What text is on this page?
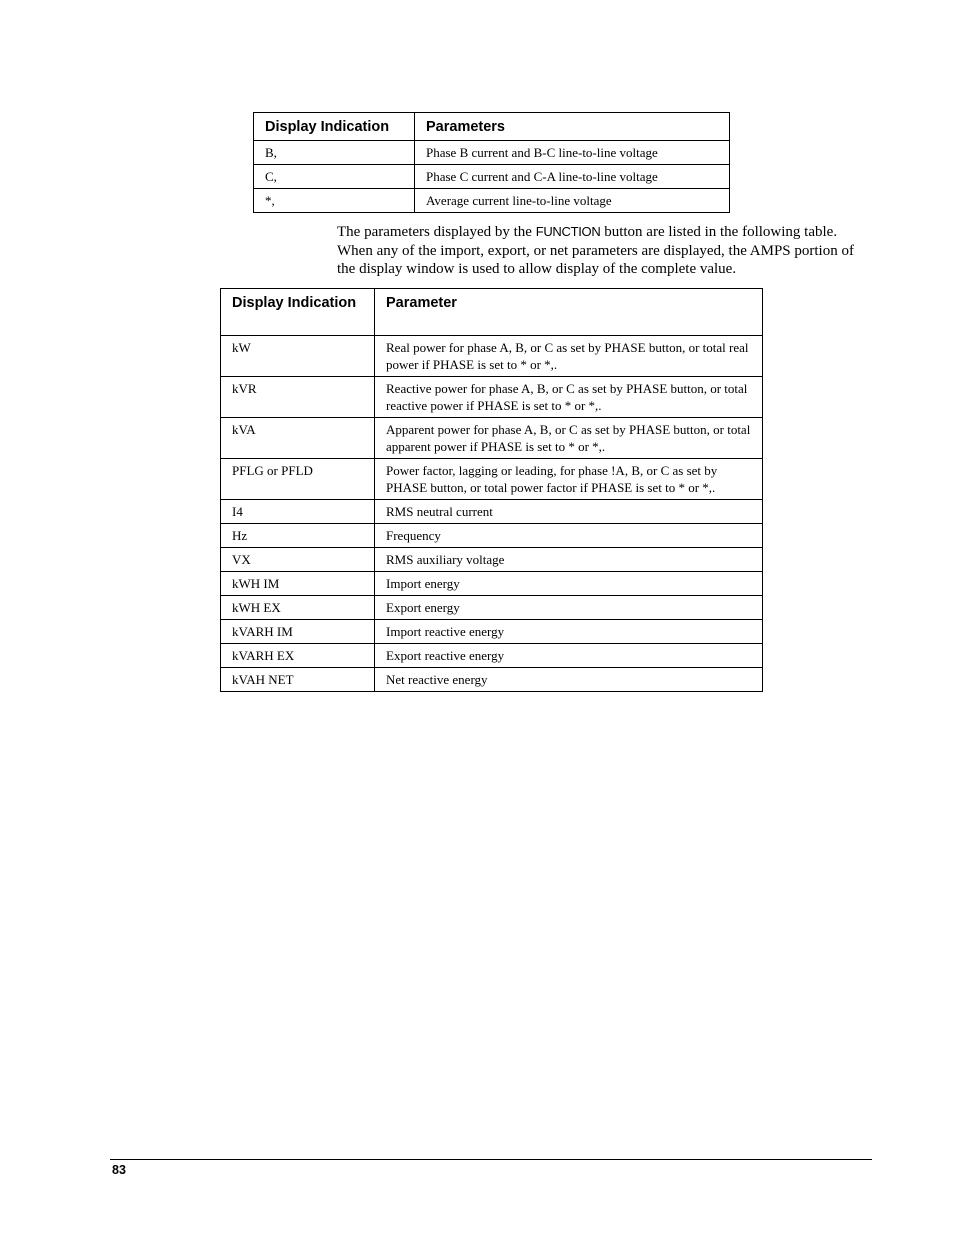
Display Indication	Parameters
B,	Phase B current and B-C line-to-line voltage
C,	Phase C current and C-A line-to-line voltage
*,	Average current line-to-line voltage

The parameters displayed by the FUNCTION button are listed in the following table. When any of the import, export, or net parameters are displayed, the AMPS portion of the display window is used to allow display of the complete value.

Display Indication	Parameter
kW	Real power for phase A, B, or C as set by PHASE button, or total real power if PHASE is set to * or *,.
kVR	Reactive power for phase A, B, or C as set by PHASE button, or total reactive power if PHASE is set to * or *,.
kVA	Apparent power for phase A, B, or C as set by PHASE button, or total apparent power if PHASE is set to * or *,.
PFLG or PFLD	Power factor, lagging or leading, for phase !A, B, or C as set by PHASE button, or total power factor if PHASE is set to * or *,.
I4	RMS neutral current
Hz	Frequency
VX	RMS auxiliary voltage
kWH IM	Import energy
kWH EX	Export energy
kVARH IM	Import reactive energy
kVARH EX	Export reactive energy
kVAH NET	Net reactive energy
83
